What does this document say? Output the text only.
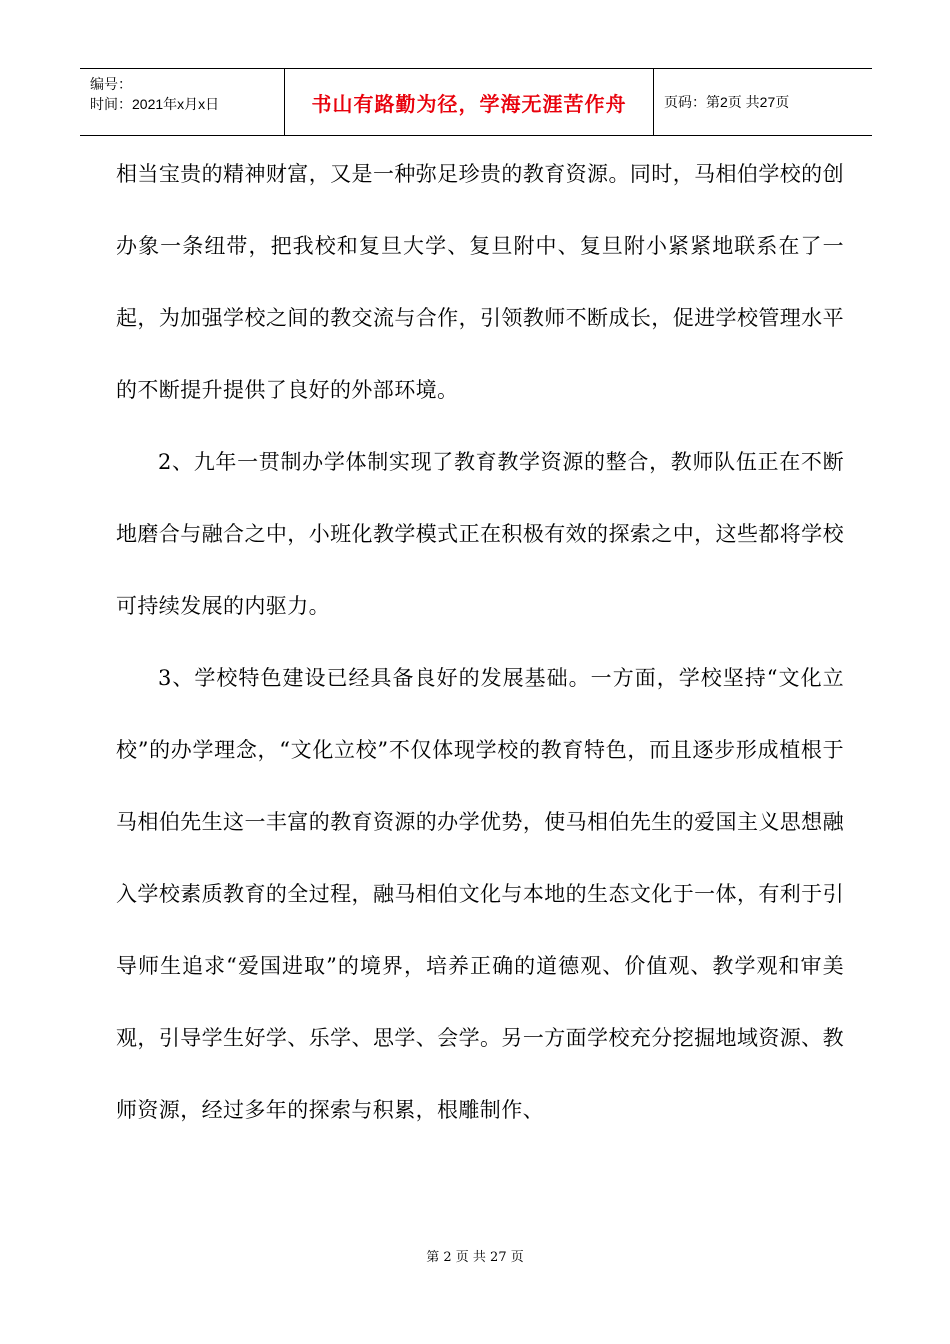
编号：
时间：2021年x月x日	书山有路勤为径，学海无涯苦作舟	页码：第2页 共27页

相当宝贵的精神财富，又是一种弥足珍贵的教育资源。同时，马相伯学校的创办象一条纽带，把我校和复旦大学、复旦附中、复旦附小紧紧地联系在了一起，为加强学校之间的教交流与合作，引领教师不断成长，促进学校管理水平的不断提升提供了良好的外部环境。

2、九年一贯制办学体制实现了教育教学资源的整合，教师队伍正在不断地磨合与融合之中，小班化教学模式正在积极有效的探索之中，这些都将学校可持续发展的内驱力。

3、学校特色建设已经具备良好的发展基础。一方面，学校坚持“文化立校”的办学理念，“文化立校”不仅体现学校的教育特色，而且逐步形成植根于马相伯先生这一丰富的教育资源的办学优势，使马相伯先生的爱国主义思想融入学校素质教育的全过程，融马相伯文化与本地的生态文化于一体，有利于引导师生追求“爱国进取”的境界，培养正确的道德观、价值观、教学观和审美观，引导学生好学、乐学、思学、会学。另一方面学校充分挖掘地域资源、教师资源，经过多年的探索与积累，根雕制作、

第 2 页 共 27 页
